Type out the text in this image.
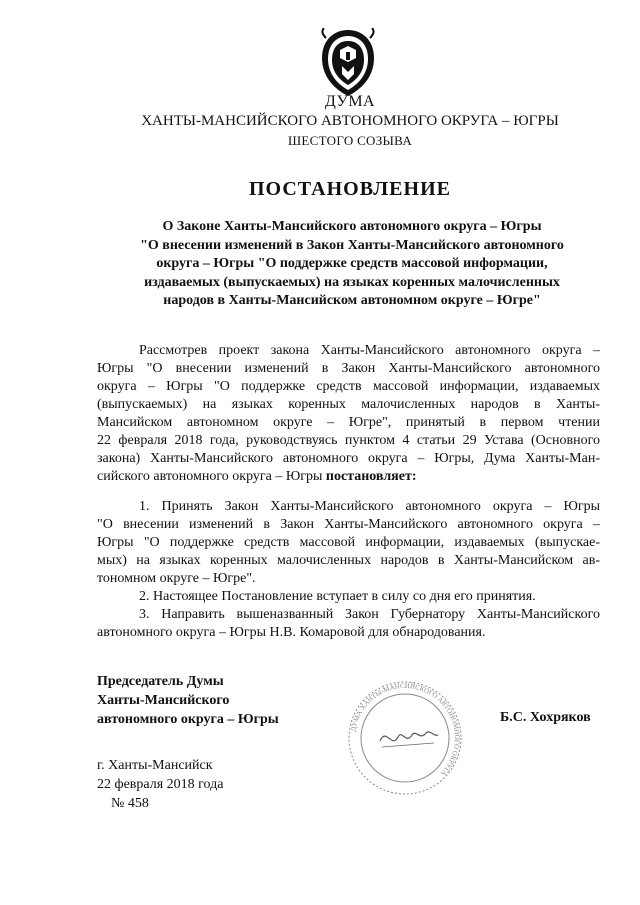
ДУМА
ХАНТЫ-МАНСИЙСКОГО АВТОНОМНОГО ОКРУГА – ЮГРЫ
ШЕСТОГО СОЗЫВА
ПОСТАНОВЛЕНИЕ
О Законе Ханты-Мансийского автономного округа – Югры
"О внесении изменений в Закон Ханты-Мансийского автономного
округа – Югры "О поддержке средств массовой информации,
издаваемых (выпускаемых) на языках коренных малочисленных
народов в Ханты-Мансийском автономном округе – Югре"
Рассмотрев проект закона Ханты-Мансийского автономного округа –
Югры "О внесении изменений в Закон Ханты-Мансийского автономного
округа – Югры "О поддержке средств массовой информации, издаваемых
(выпускаемых) на языках коренных малочисленных народов в Ханты-
Мансийском автономном округе – Югре", принятый в первом чтении
22 февраля 2018 года, руководствуясь пунктом 4 статьи 29 Устава (Основного
закона) Ханты-Мансийского автономного округа – Югры, Дума Ханты-Ман-
сийского автономного округа – Югры постановляет:
1. Принять Закон Ханты-Мансийского автономного округа – Югры
"О внесении изменений в Закон Ханты-Мансийского автономного округа –
Югры "О поддержке средств массовой информации, издаваемых (выпускае-
мых) на языках коренных малочисленных народов в Ханты-Мансийском ав-
тономном округе – Югре".
2. Настоящее Постановление вступает в силу со дня его принятия.
3. Направить вышеназванный Закон Губернатору Ханты-Мансийского
автономного округа – Югры Н.В. Комаровой для обнародования.
Председатель Думы
Ханты-Мансийского
автономного округа – Югры
ДУМА ХАНТЫ-МАНСИЙСКОГО АВТОНОМНОГО ОКРУГА
Б.С. Хохряков
г. Ханты-Мансийск
22 февраля 2018 года
№ 458
